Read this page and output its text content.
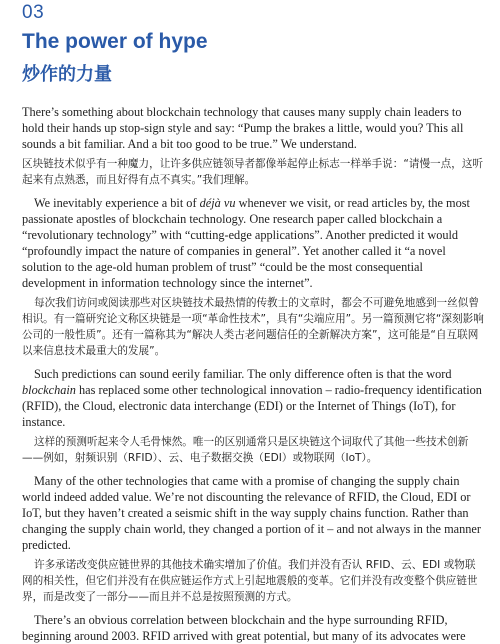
03
The power of hype
炒作的力量

There’s something about blockchain technology that causes many supply chain leaders to hold their hands up stop-sign style and say: “Pump the brakes a little, would you? This all sounds a bit familiar. And a bit too good to be true.” We understand.

区块链技术似乎有一种魔力，让许多供应链领导者都像举起停止标志一样举手说：“请慢一点，这听起来有点熟悉，而且好得有点不真实。”我们理解。

We inevitably experience a bit of déjà vu whenever we visit, or read articles by, the most passionate apostles of blockchain technology. One research paper called blockchain a “revolutionary technology” with “cutting-edge applications”. Another predicted it would “profoundly impact the nature of companies in general”. Yet another called it “a novel solution to the age-old human problem of trust” “could be the most consequential development in information technology since the internet”.

每次我们访问或阅读那些对区块链技术最热情的传教士的文章时，都会不可避免地感到一丝似曾相识。有一篇研究论文称区块链是一项“革命性技术”，具有“尖端应用”。另一篇预测它将“深刻影响公司的一般性质”。还有一篇称其为“解决人类古老问题信任的全新解决方案”，这可能是“自互联网以来信息技术最重大的发展”。

Such predictions can sound eerily familiar. The only difference often is that the word blockchain has replaced some other technological innovation – radio-frequency identification (RFID), the Cloud, electronic data interchange (EDI) or the Internet of Things (IoT), for instance.

这样的预测听起来令人毛骨悚然。唯一的区别通常只是区块链这个词取代了其他一些技术创新——例如，射频识别（RFID）、云、电子数据交换（EDI）或物联网（IoT）。

Many of the other technologies that came with a promise of changing the supply chain world indeed added value. We’re not discounting the relevance of RFID, the Cloud, EDI or IoT, but they haven’t created a seismic shift in the way supply chains function. Rather than changing the supply chain world, they changed a portion of it – and not always in the manner predicted.

许多承诺改变供应链世界的其他技术确实增加了价值。我们并没有否认 RFID、云、EDI 或物联网的相关性，但它们并没有在供应链运作方式上引起地震般的变革。它们并没有改变整个供应链世界，而是改变了一部分——而且并不总是按照预测的方式。

There’s an obvious correlation between blockchain and the hype surrounding RFID, beginning around 2003. RFID arrived with great potential, but many of its advocates were
